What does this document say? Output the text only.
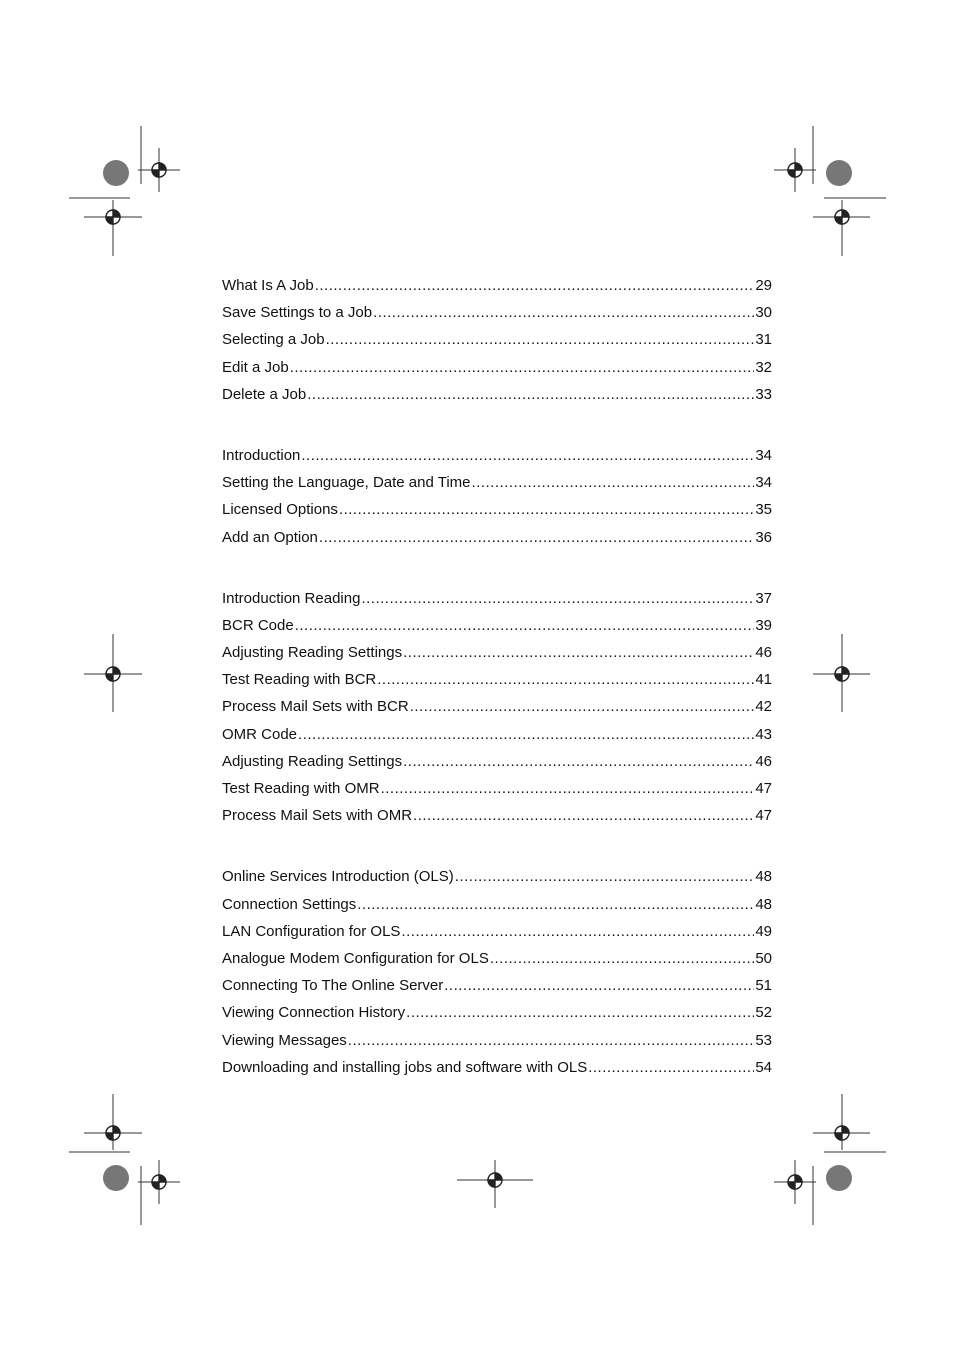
What Is A Job .....	29
Save Settings to a Job .....	30
Selecting a Job .....	31
Edit a Job .....	32
Delete a Job .....	33
Introduction .....	34
Setting the Language, Date and Time .....	34
Licensed Options .....	35
Add an Option .....	36
Introduction Reading .....	37
BCR Code .....	39
Adjusting Reading Settings .....	46
Test Reading with BCR .....	41
Process Mail Sets with BCR .....	42
OMR Code .....	43
Adjusting Reading Settings .....	46
Test Reading with OMR .....	47
Process Mail Sets with OMR .....	47
Online Services Introduction (OLS) .....	48
Connection Settings .....	48
LAN Configuration for OLS .....	49
Analogue Modem Configuration for OLS .....	50
Connecting To The Online Server .....	51
Viewing Connection History .....	52
Viewing Messages .....	53
Downloading and installing jobs and software with OLS .....	54
